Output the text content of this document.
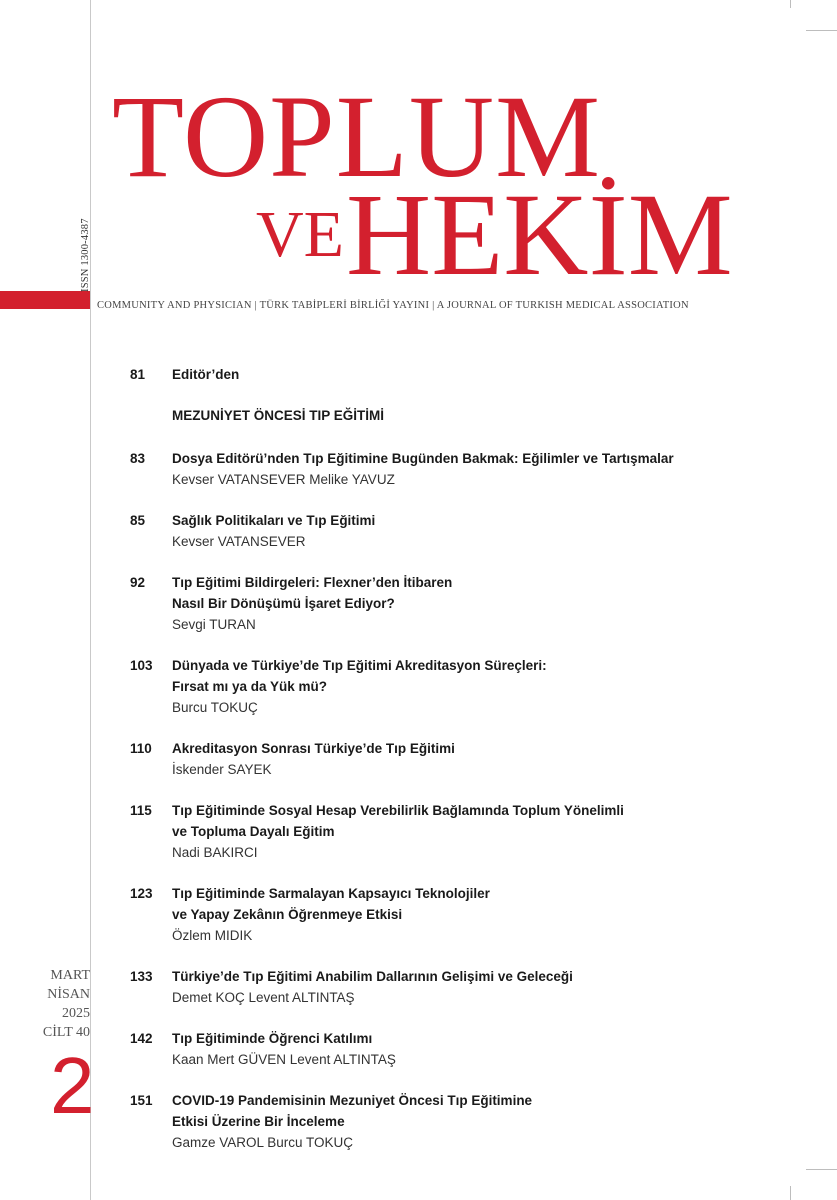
ISSN 1300-4387
TOPLUM
VE HEKİM
COMMUNITY AND PHYSICIAN | TÜRK TABİPLERİ BİRLİĞİ YAYINI | A JOURNAL OF TURKISH MEDICAL ASSOCIATION
81	Editör’den
MEZUNİYET ÖNCESİ TIP EĞİTİMİ
83	Dosya Editörü’nden Tıp Eğitimine Bugünden Bakmak: Eğilimler ve Tartışmalar
Kevser VATANSEVER Melike YAVUZ
85	Sağlık Politikaları ve Tıp Eğitimi
Kevser VATANSEVER
92	Tıp Eğitimi Bildirgeleri: Flexner’den İtibaren
Nasıl Bir Dönüşümü İşaret Ediyor?
Sevgi TURAN
103	Dünyada ve Türkiye’de Tıp Eğitimi Akreditasyon Süreçleri:
Fırsat mı ya da Yük mü?
Burcu TOKUÇ
110	Akreditasyon Sonrası Türkiye’de Tıp Eğitimi
İskender SAYEK
115	Tıp Eğitiminde Sosyal Hesap Verebilirlik Bağlamında Toplum Yönelimli
ve Topluma Dayalı Eğitim
Nadi BAKIRCI
123	Tıp Eğitiminde Sarmalayan Kapsayıcı Teknolojiler
ve Yapay Zekânın Öğrenmeye Etkisi
Özlem MIDIK
133	Türkiye’de Tıp Eğitimi Anabilim Dallarının Gelişimi ve Geleceği
Demet KOÇ Levent ALTINTAŞ
142	Tıp Eğitiminde Öğrenci Katılımı
Kaan Mert GÜVEN Levent ALTINTAŞ
151	COVID-19 Pandemisinin Mezuniyet Öncesi Tıp Eğitimine
Etkisi Üzerine Bir İnceleme
Gamze VAROL Burcu TOKUÇ
MART
NİSAN
2025
CİLT 40
2
